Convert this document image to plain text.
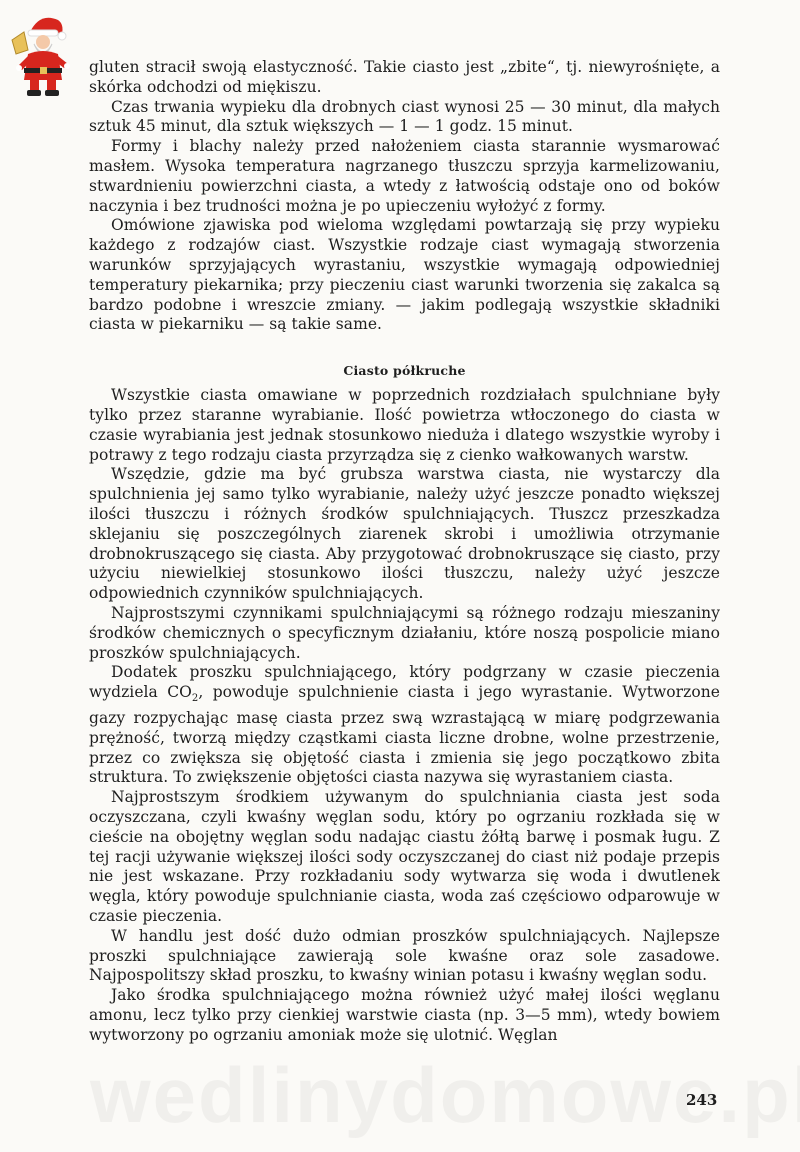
gluten stracił swoją elastyczność. Takie ciasto jest „zbite“, tj. niewyrośnięte, a skórka odchodzi od miękiszu.

Czas trwania wypieku dla drobnych ciast wynosi 25 — 30 minut, dla małych sztuk 45 minut, dla sztuk większych — 1 — 1 godz. 15 minut.

Formy i blachy należy przed nałożeniem ciasta starannie wysmarować masłem. Wysoka temperatura nagrzanego tłuszczu sprzyja karmelizowaniu, stwardnieniu powierzchni ciasta, a wtedy z łatwością odstaje ono od boków naczynia i bez trudności można je po upieczeniu wyłożyć z formy.

Omówione zjawiska pod wieloma względami powtarzają się przy wypieku każdego z rodzajów ciast. Wszystkie rodzaje ciast wymagają stworzenia warunków sprzyjających wyrastaniu, wszystkie wymagają odpowiedniej temperatury piekarnika; przy pieczeniu ciast warunki tworzenia się zakalca są bardzo podobne i wreszcie zmiany. — jakim podlegają wszystkie składniki ciasta w piekarniku — są takie same.

Ciasto półkruche

Wszystkie ciasta omawiane w poprzednich rozdziałach spulchniane były tylko przez staranne wyrabianie. Ilość powietrza wtłoczonego do ciasta w czasie wyrabiania jest jednak stosunkowo nieduża i dlatego wszystkie wyroby i potrawy z tego rodzaju ciasta przyrządza się z cienko wałkowanych warstw.

Wszędzie, gdzie ma być grubsza warstwa ciasta, nie wystarczy dla spulchnienia jej samo tylko wyrabianie, należy użyć jeszcze ponadto większej ilości tłuszczu i różnych środków spulchniających. Tłuszcz przeszkadza sklejaniu się poszczególnych ziarenek skrobi i umożliwia otrzymanie drobnokruszącego się ciasta. Aby przygotować drobnokruszące się ciasto, przy użyciu niewielkiej stosunkowo ilości tłuszczu, należy użyć jeszcze odpowiednich czynników spulchniających.

Najprostszymi czynnikami spulchniającymi są różnego rodzaju mieszaniny środków chemicznych o specyficznym działaniu, które noszą pospolicie miano proszków spulchniających.

Dodatek proszku spulchniającego, który podgrzany w czasie pieczenia wydziela $CO_2$, powoduje spulchnienie ciasta i jego wyrastanie. Wytworzone gazy rozpychając masę ciasta przez swą wzrastającą w miarę podgrzewania prężność, tworzą między cząstkami ciasta liczne drobne, wolne przestrzenie, przez co zwiększa się objętość ciasta i zmienia się jego początkowo zbita struktura. To zwiększenie objętości ciasta nazywa się wyrastaniem ciasta.

Najprostszym środkiem używanym do spulchniania ciasta jest soda oczyszczana, czyli kwaśny węglan sodu, który po ogrzaniu rozkłada się w cieście na obojętny węglan sodu nadając ciastu żółtą barwę i posmak ługu. Z tej racji używanie większej ilości sody oczyszczanej do ciast niż podaje przepis nie jest wskazane. Przy rozkładaniu sody wytwarza się woda i dwutlenek węgla, który powoduje spulchnianie ciasta, woda zaś częściowo odparowuje w czasie pieczenia.

W handlu jest dość dużo odmian proszków spulchniających. Najlepsze proszki spulchniające zawierają sole kwaśne oraz sole zasadowe. Najpospolitszy skład proszku, to kwaśny winian potasu i kwaśny węglan sodu.

Jako środka spulchniającego można również użyć małej ilości węglanu amonu, lecz tylko przy cienkiej warstwie ciasta (np. 3—5 mm), wtedy bowiem wytworzony po ogrzaniu amoniak może się ulotnić. Węglan

243
